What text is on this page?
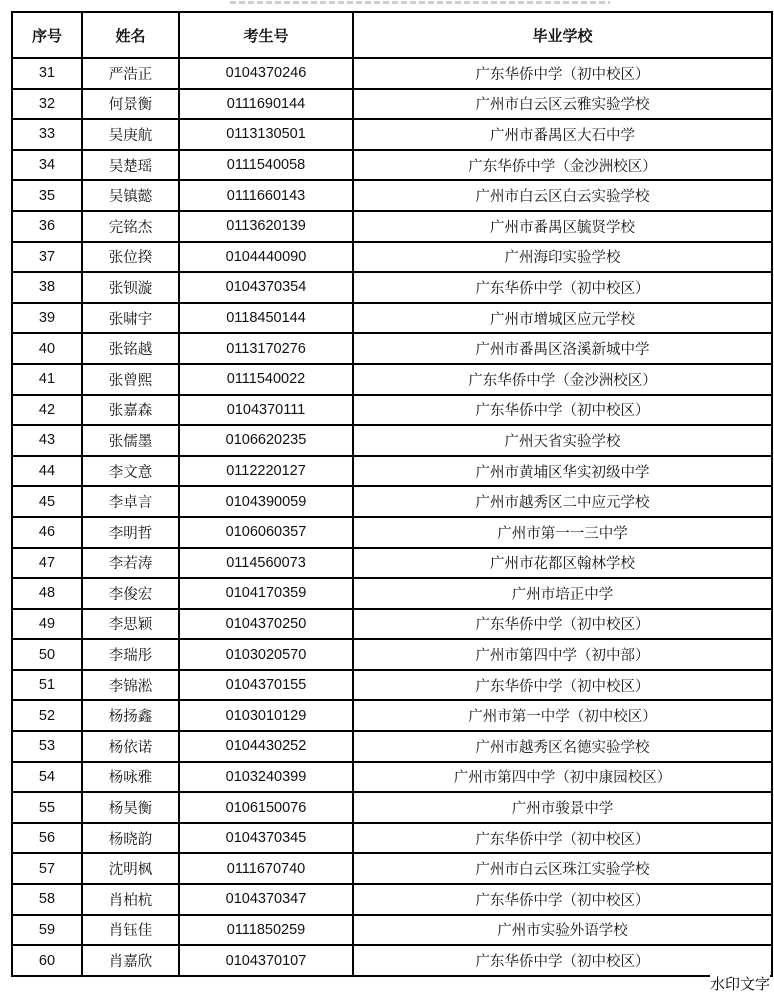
序号	姓名	考生号	毕业学校
31	严浩正	0104370246	广东华侨中学（初中校区）
32	何景衡	0111690144	广州市白云区云雅实验学校
33	吴庚航	0113130501	广州市番禺区大石中学
34	吴楚瑶	0111540058	广东华侨中学（金沙洲校区）
35	吴镇懿	0111660143	广州市白云区白云实验学校
36	完铭杰	0113620139	广州市番禺区毓贤学校
37	张位揆	0104440090	广州海印实验学校
38	张钡漩	0104370354	广东华侨中学（初中校区）
39	张啸宇	0118450144	广州市增城区应元学校
40	张铭越	0113170276	广州市番禺区洛溪新城中学
41	张曾熙	0111540022	广东华侨中学（金沙洲校区）
42	张嘉森	0104370111	广东华侨中学（初中校区）
43	张儒墨	0106620235	广州天省实验学校
44	李文意	0112220127	广州市黄埔区华实初级中学
45	李卓言	0104390059	广州市越秀区二中应元学校
46	李明哲	0106060357	广州市第一一三中学
47	李若涛	0114560073	广州市花都区翰林学校
48	李俊宏	0104170359	广州市培正中学
49	李思颖	0104370250	广东华侨中学（初中校区）
50	李瑞彤	0103020570	广州市第四中学（初中部）
51	李锦淞	0104370155	广东华侨中学（初中校区）
52	杨扬鑫	0103010129	广州市第一中学（初中校区）
53	杨依诺	0104430252	广州市越秀区名德实验学校
54	杨咏雅	0103240399	广州市第四中学（初中康园校区）
55	杨昊衡	0106150076	广州市骏景中学
56	杨晓韵	0104370345	广东华侨中学（初中校区）
57	沈明枫	0111670740	广州市白云区珠江实验学校
58	肖柏杭	0104370347	广东华侨中学（初中校区）
59	肖钰佳	0111850259	广州市实验外语学校
60	肖嘉欣	0104370107	广东华侨中学（初中校区）
水印文字
